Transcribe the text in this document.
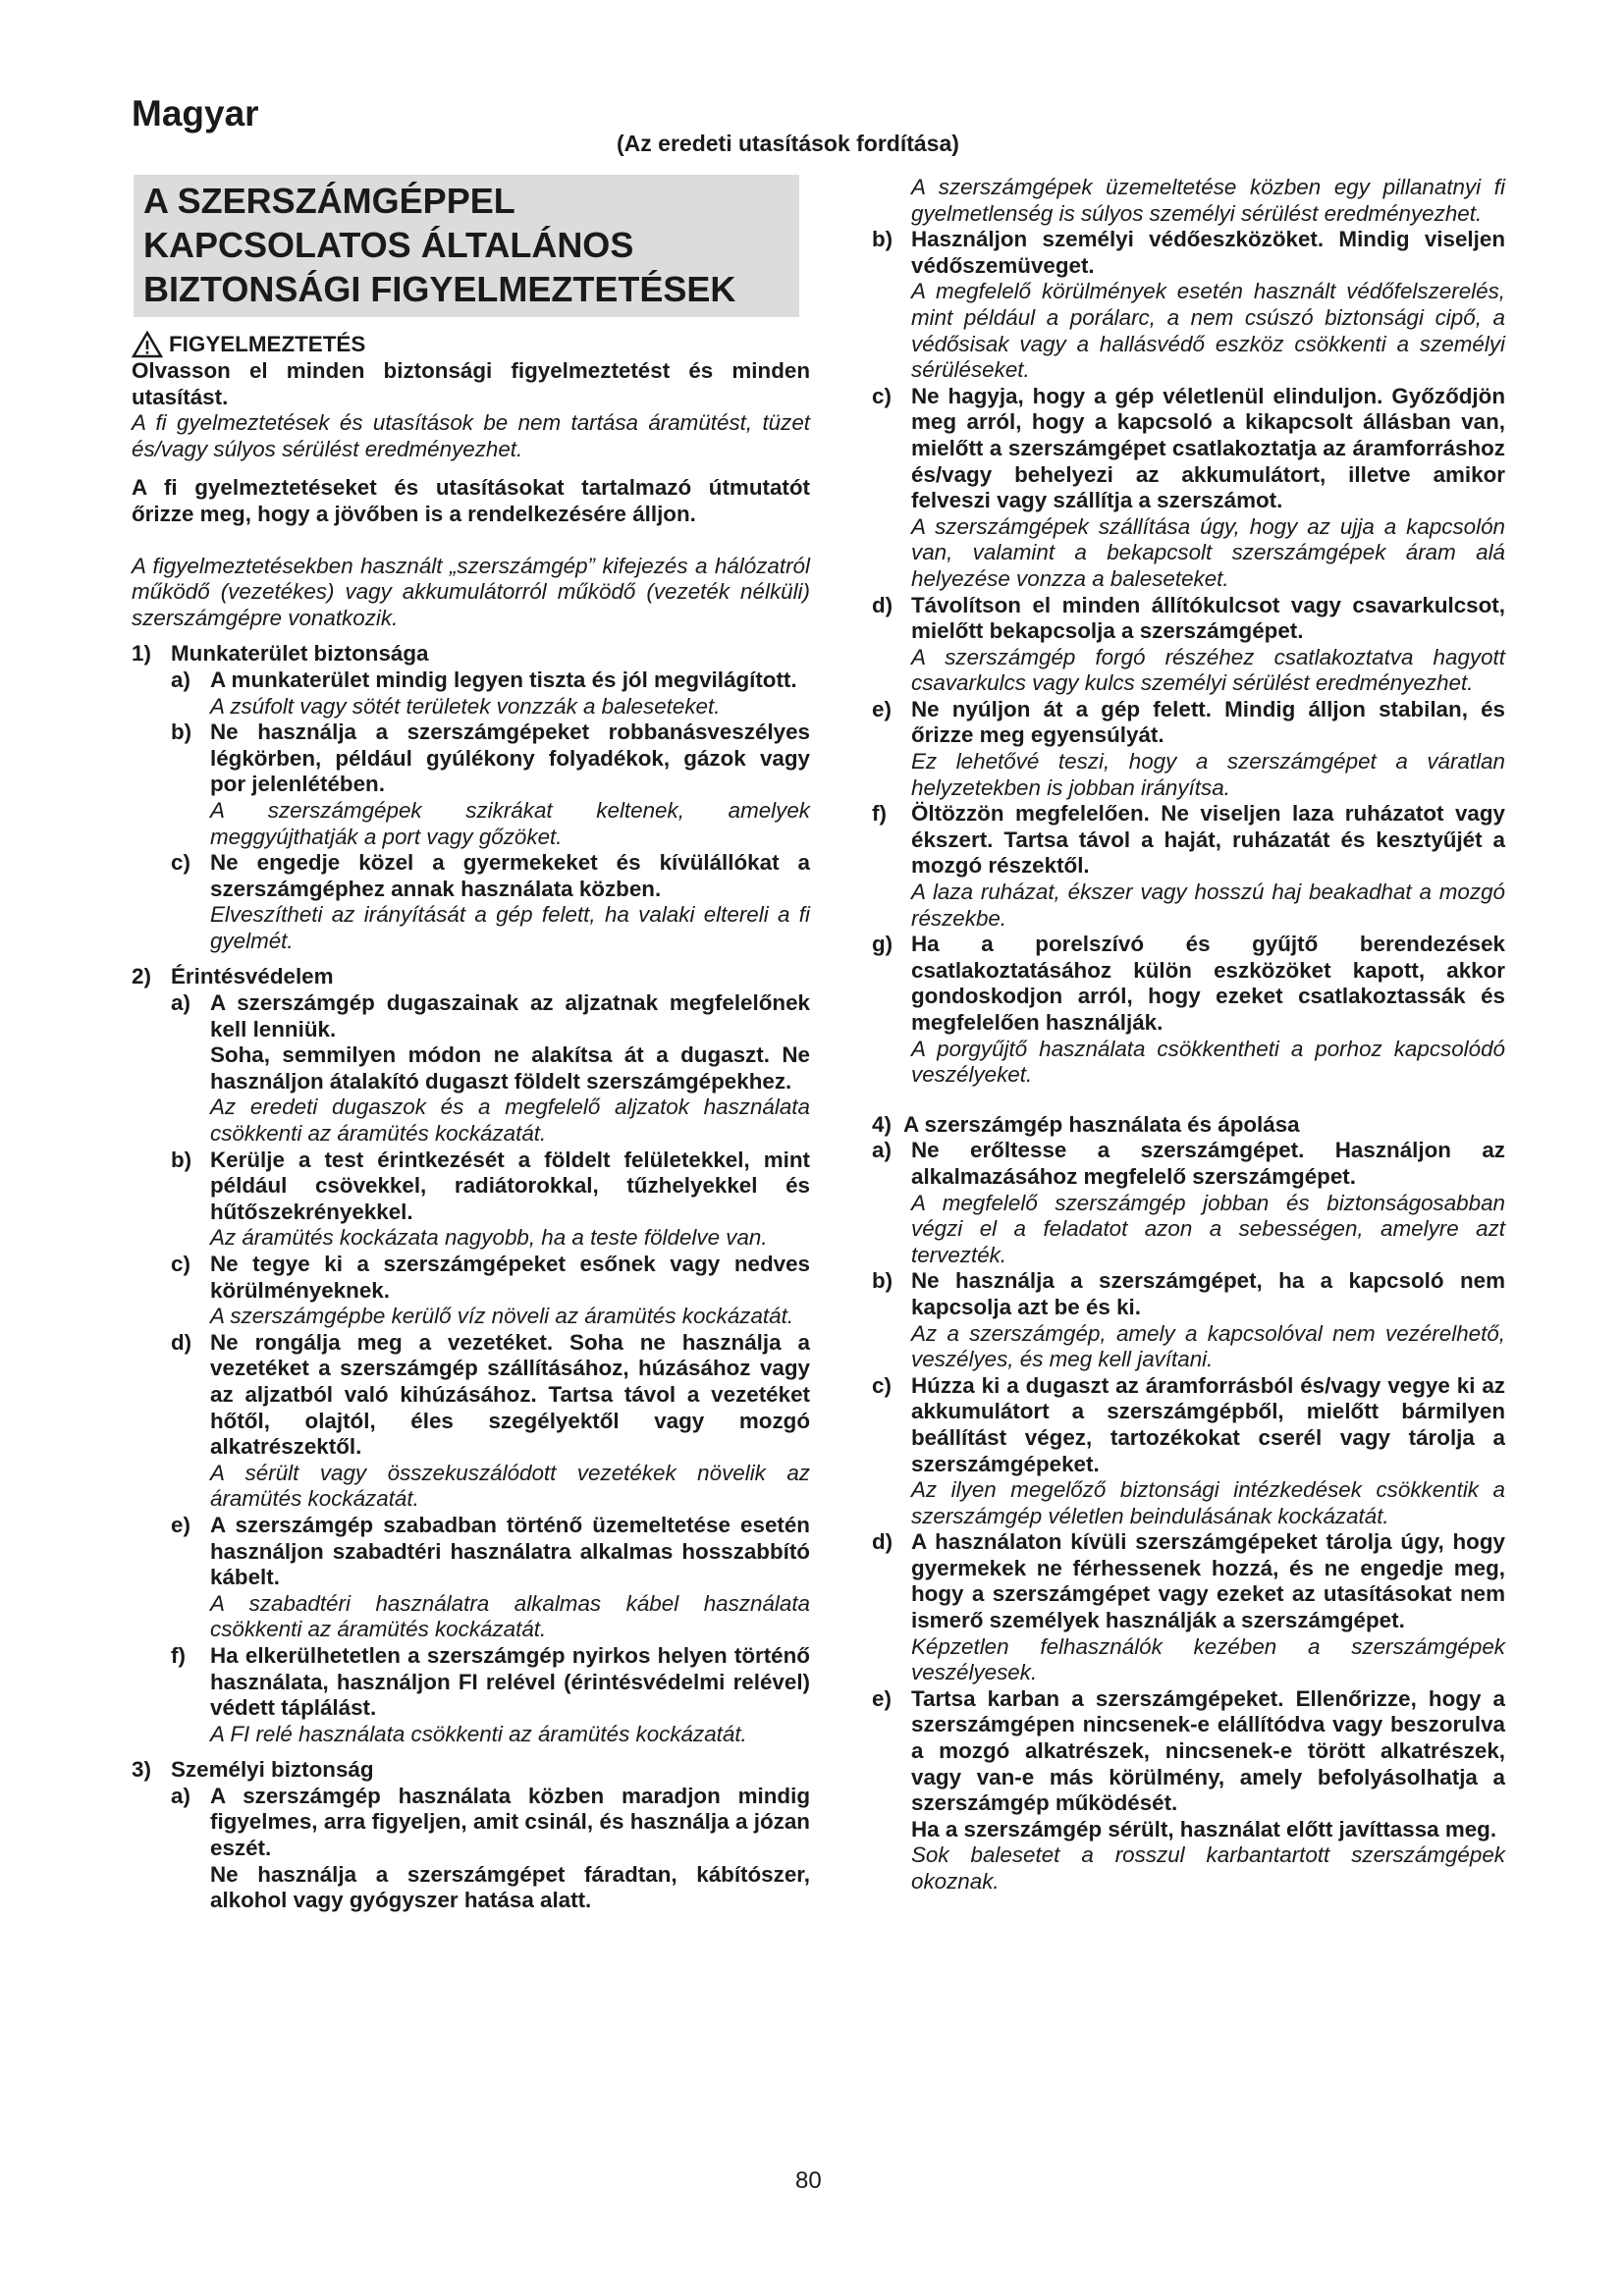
Magyar
(Az eredeti utasítások fordítása)
A SZERSZÁMGÉPPEL KAPCSOLATOS ÁLTALÁNOS BIZTONSÁGI FIGYELMEZTETÉSEK
FIGYELMEZTETÉS

Olvasson el minden biztonsági figyelmeztetést és minden utasítást.

A fi gyelmeztetések és utasítások be nem tartása áramütést, tüzet és/vagy súlyos sérülést eredményezhet.

A fi gyelmeztetéseket és utasításokat tartalmazó útmutatót őrizze meg, hogy a jövőben is a rendelkezésére álljon.

A figyelmeztetésekben használt „szerszámgép” kifejezés a hálózatról működő (vezetékes) vagy akkumulátorról működő (vezeték nélküli) szerszámgépre vonatkozik.

1) Munkaterület biztonsága
a) A munkaterület mindig legyen tiszta és jól megvilágított.

A zsúfolt vagy sötét területek vonzzák a baleseteket.
b) Ne használja a szerszámgépeket robbanásveszélyes légkörben, például gyúlékony folyadékok, gázok vagy por jelenlétében.

A szerszámgépek szikrákat keltenek, amelyek meggyújthatják a port vagy gőzöket.
c) Ne engedje közel a gyermekeket és kívülállókat a szerszámgéphez annak használata közben.

Elveszítheti az irányítását a gép felett, ha valaki eltereli a fi gyelmét.
2) Érintésvédelem
a) A szerszámgép dugaszainak az aljzatnak megfelelőnek kell lenniük.

Soha, semmilyen módon ne alakítsa át a dugaszt. Ne használjon átalakító dugaszt földelt szerszámgépekhez.

Az eredeti dugaszok és a megfelelő aljzatok használata csökkenti az áramütés kockázatát.
b) Kerülje a test érintkezését a földelt felületekkel, mint például csövekkel, radiátorokkal, tűzhelyekkel és hűtőszekrényekkel.

Az áramütés kockázata nagyobb, ha a teste földelve van.
c) Ne tegye ki a szerszámgépeket esőnek vagy nedves körülményeknek.

A szerszámgépbe kerülő víz növeli az áramütés kockázatát.
d) Ne rongálja meg a vezetéket. Soha ne használja a vezetéket a szerszámgép szállításához, húzásához vagy az aljzatból való kihúzásához. Tartsa távol a vezetéket hőtől, olajtól, éles szegélyektől vagy mozgó alkatrészektől.

A sérült vagy összekuszálódott vezetékek növelik az áramütés kockázatát.
e) A szerszámgép szabadban történő üzemeltetése esetén használjon szabadtéri használatra alkalmas hosszabbító kábelt.

A szabadtéri használatra alkalmas kábel használata csökkenti az áramütés kockázatát.
f)	Ha elkerülhetetlen a szerszámgép nyirkos helyen történő használata, használjon FI relével (érintésvédelmi relével) védett táplálást.

A FI relé használata csökkenti az áramütés kockázatát.
3) Személyi biztonság
a) A szerszámgép használata közben maradjon mindig figyelmes, arra figyeljen, amit csinál, és használja a józan eszét.

Ne használja a szerszámgépet fáradtan, kábítószer, alkohol vagy gyógyszer hatása alatt.

A szerszámgépek üzemeltetése közben egy pillanatnyi fi gyelmetlenség is súlyos személyi sérülést eredményezhet.
b) Használjon személyi védőeszközöket. Mindig viseljen védőszemüveget.

A megfelelő körülmények esetén használt védőfelszerelés, mint például a porálarc, a nem csúszó biztonsági cipő, a védősisak vagy a hallásvédő eszköz csökkenti a személyi sérüléseket.
c) Ne hagyja, hogy a gép véletlenül elinduljon. Győződjön meg arról, hogy a kapcsoló a kikapcsolt állásban van, mielőtt a szerszámgépet csatlakoztatja az áramforráshoz és/vagy behelyezi az akkumulátort, illetve amikor felveszi vagy szállítja a szerszámot.

A szerszámgépek szállítása úgy, hogy az ujja a kapcsolón van, valamint a bekapcsolt szerszámgépek áram alá helyezése vonzza a baleseteket.
d) Távolítson el minden állítókulcsot vagy csavarkulcsot, mielőtt bekapcsolja a szerszámgépet.

A szerszámgép forgó részéhez csatlakoztatva hagyott csavarkulcs vagy kulcs személyi sérülést eredményezhet.
e) Ne nyúljon át a gép felett. Mindig álljon stabilan, és őrizze meg egyensúlyát.

Ez lehetővé teszi, hogy a szerszámgépet a váratlan helyzetekben is jobban irányítsa.
f)	Öltözzön megfelelően. Ne viseljen laza ruházatot vagy ékszert. Tartsa távol a haját, ruházatát és kesztyűjét a mozgó részektől.

A laza ruházat, ékszer vagy hosszú haj beakadhat a mozgó részekbe.
g) Ha a porelszívó és gyűjtő berendezések csatlakoztatásához külön eszközöket kapott, akkor gondoskodjon arról, hogy ezeket csatlakoztassák és megfelelően használják.

A porgyűjtő használata csökkentheti a porhoz kapcsolódó veszélyeket.
4) A szerszámgép használata és ápolása
a) Ne erőltesse a szerszámgépet. Használjon az alkalmazásához megfelelő szerszámgépet.

A megfelelő szerszámgép jobban és biztonságosabban végzi el a feladatot azon a sebességen, amelyre azt tervezték.
b) Ne használja a szerszámgépet, ha a kapcsoló nem kapcsolja azt be és ki.

Az a szerszámgép, amely a kapcsolóval nem vezérelhető, veszélyes, és meg kell javítani.
c) Húzza ki a dugaszt az áramforrásból és/vagy vegye ki az akkumulátort a szerszámgépből, mielőtt bármilyen beállítást végez, tartozékokat cserél vagy tárolja a szerszámgépeket.

Az ilyen megelőző biztonsági intézkedések csökkentik a szerszámgép véletlen beindulásának kockázatát.
d) A használaton kívüli szerszámgépeket tárolja úgy, hogy gyermekek ne férhessenek hozzá, és ne engedje meg, hogy a szerszámgépet vagy ezeket az utasításokat nem ismerő személyek használják a szerszámgépet.

Képzetlen felhasználók kezében a szerszámgépek veszélyesek.
e) Tartsa karban a szerszámgépeket. Ellenőrizze, hogy a szerszámgépen nincsenek-e elállítódva vagy beszorulva a mozgó alkatrészek, nincsenek-e törött alkatrészek, vagy van-e más körülmény, amely befolyásolhatja a szerszámgép működését.

Ha a szerszámgép sérült, használat előtt javíttassa meg.

Sok balesetet a rosszul karbantartott szerszámgépek okoznak.
80
